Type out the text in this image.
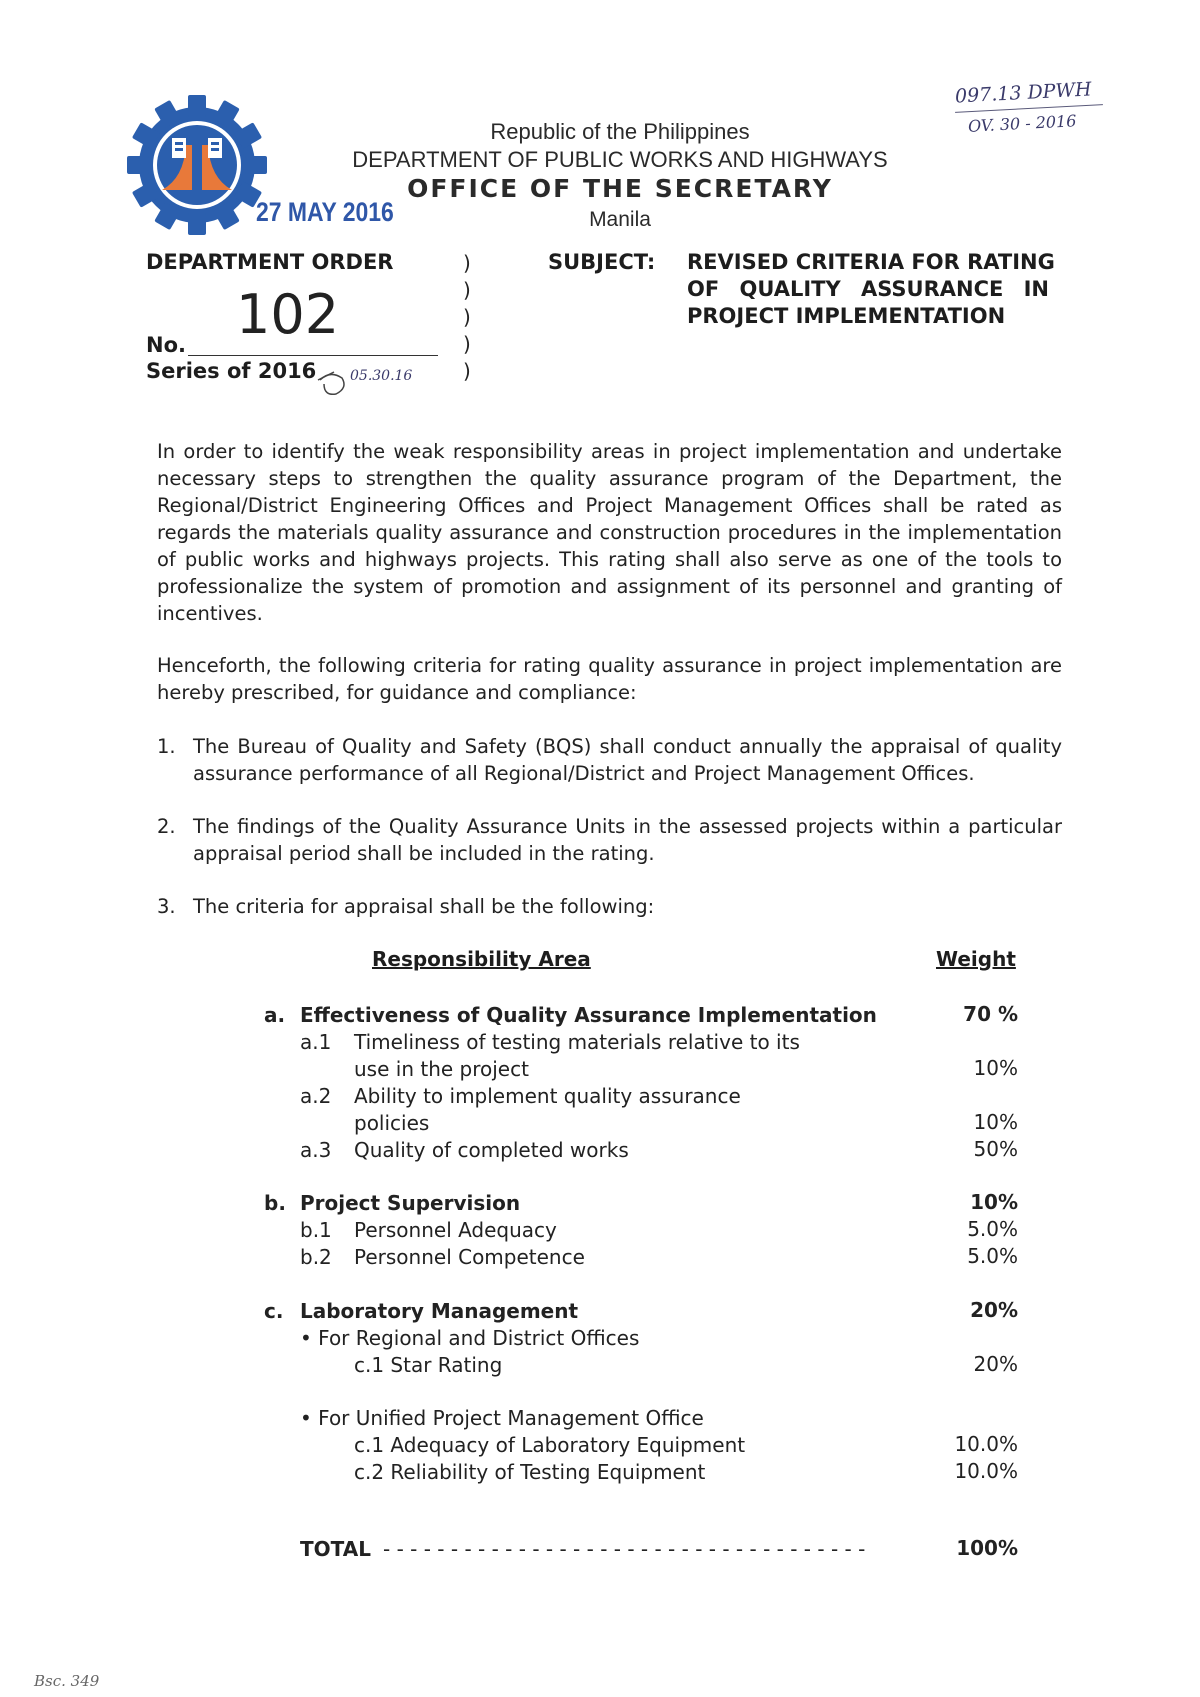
097.13 DPWH
OV. 30 - 2016
27 MAY 2016
Republic of the Philippines
DEPARTMENT OF PUBLIC WORKS AND HIGHWAYS
OFFICE OF THE SECRETARY
Manila
DEPARTMENT ORDER
No. 102
Series of 2016 05.30.16
)
)
)
)
)
SUBJECT: REVISED CRITERIA FOR RATING
OF  QUALITY  ASSURANCE  IN
PROJECT IMPLEMENTATION
In order to identify the weak responsibility areas in project implementation and undertake necessary steps to strengthen the quality assurance program of the Department, the Regional/District Engineering Offices and Project Management Offices shall be rated as regards the materials quality assurance and construction procedures in the implementation of public works and highways projects. This rating shall also serve as one of the tools to professionalize the system of promotion and assignment of its personnel and granting of incentives.
Henceforth, the following criteria for rating quality assurance in project implementation are hereby prescribed, for guidance and compliance:
1. The Bureau of Quality and Safety (BQS) shall conduct annually the appraisal of quality assurance performance of all Regional/District and Project Management Offices.
2. The findings of the Quality Assurance Units in the assessed projects within a particular appraisal period shall be included in the rating.
3. The criteria for appraisal shall be the following:
Responsibility Area	Weight
a. Effectiveness of Quality Assurance Implementation	70 %
a.1 Timeliness of testing materials relative to its
use in the project	10%
a.2 Ability to implement quality assurance
policies	10%
a.3 Quality of completed works	50%
b. Project Supervision	10%
b.1 Personnel Adequacy	5.0%
b.2 Personnel Competence	5.0%
c. Laboratory Management	20%
• For Regional and District Offices
c.1 Star Rating	20%
• For Unified Project Management Office
c.1 Adequacy of Laboratory Equipment	10.0%
c.2 Reliability of Testing Equipment	10.0%
TOTAL - - - - - - - - - - - - - - - - - - - - - - - - - - - - - - - - - - - -	100%
Bsc. 349
